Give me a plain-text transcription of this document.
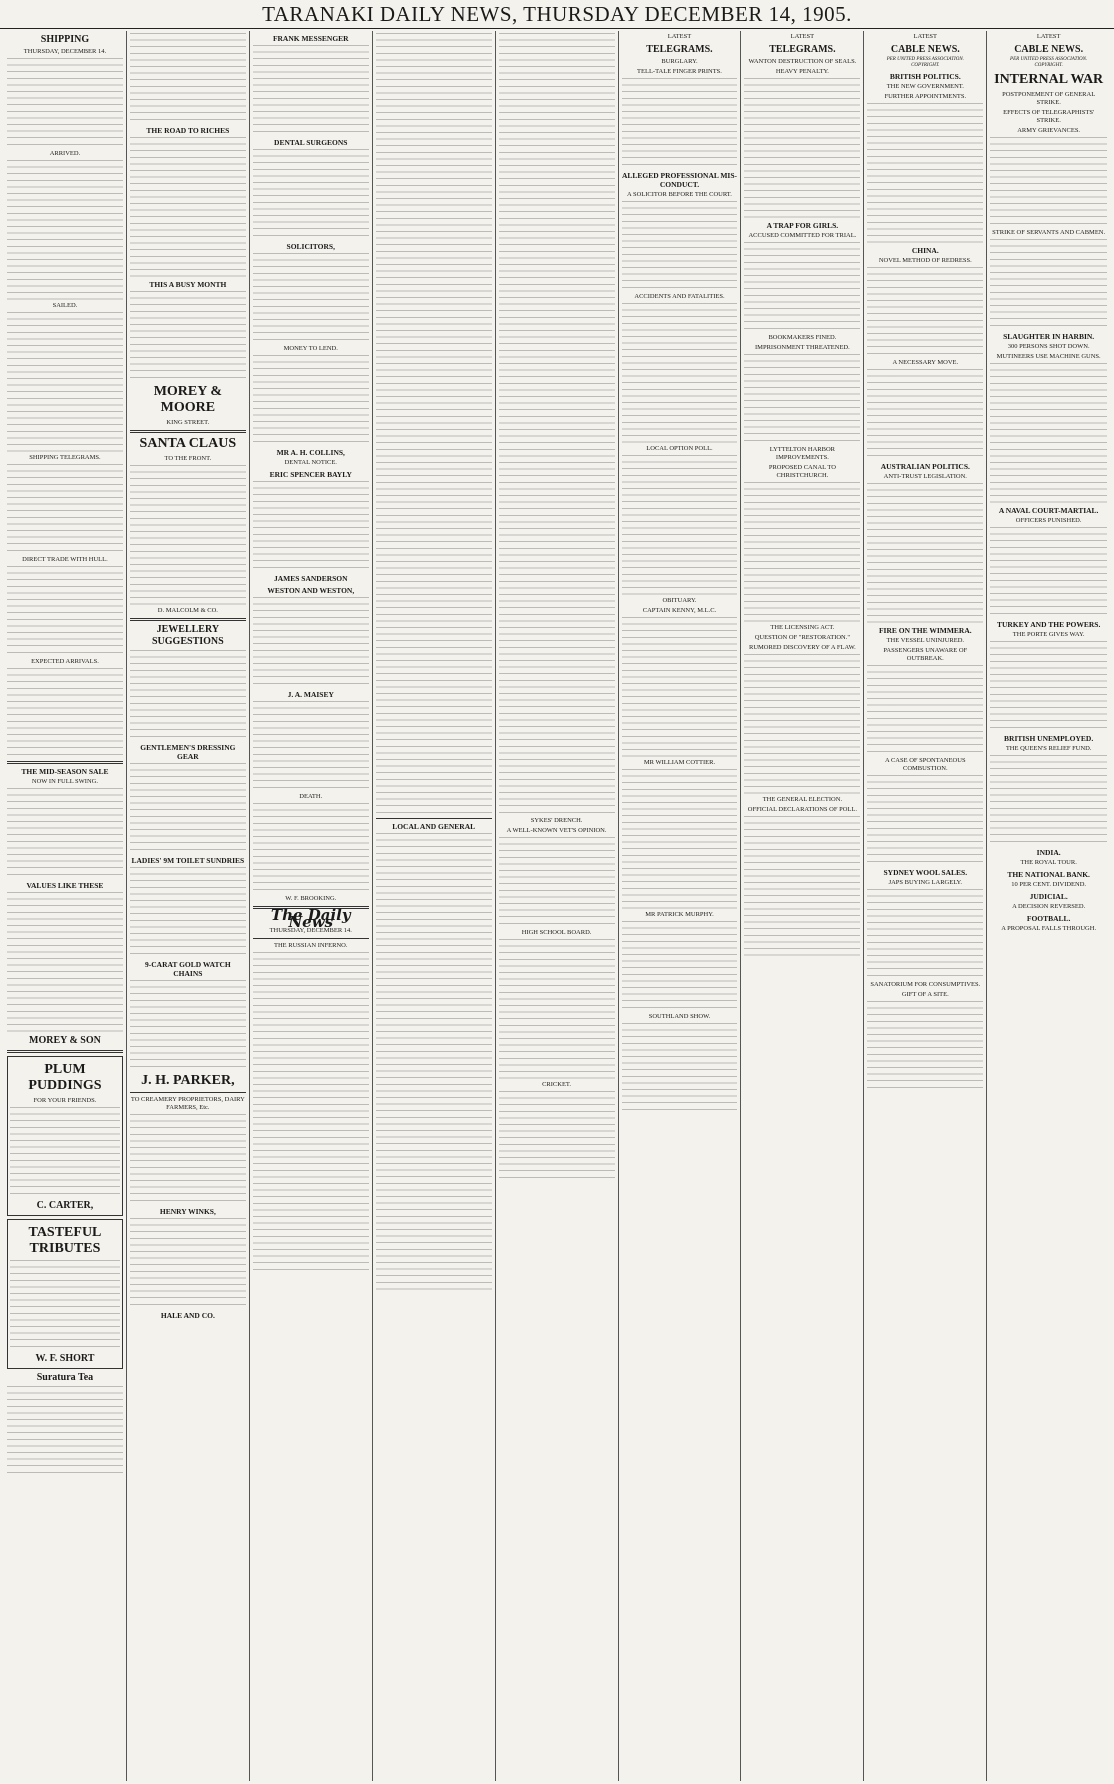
TARANAKI DAILY NEWS, THURSDAY DECEMBER 14, 1905.
SHIPPING
THURSDAY, DECEMBER 14.
ARRIVED.
SAILED.
SHIPPING TELEGRAMS.
DIRECT TRADE WITH HULL.
EXPECTED ARRIVALS.
THE MID-SEASON SALE
NOW IN FULL SWING.
VALUES LIKE THESE
MOREY & SON
PLUM PUDDINGS
FOR YOUR FRIENDS.
C. CARTER,
TASTEFUL TRIBUTES
W. F. SHORT
Suratura Tea
THE ROAD TO RICHES
THIS A BUSY MONTH
MOREY & MOORE
KING STREET.
SANTA CLAUS
TO THE FRONT.
D. MALCOLM & CO.
JEWELLERY SUGGESTIONS
GENTLEMEN'S DRESSING GEAR
LADIES' 9M TOILET SUNDRIES
9-CARAT GOLD WATCH CHAINS
J. H. PARKER,
TO CREAMERY PROPRIETORS, DAIRY FARMERS, Etc.
HENRY WINKS,
HALE AND CO.
FRANK MESSENGER
DENTAL SURGEONS
SOLICITORS,
MONEY TO LEND.
MR A. H. COLLINS,
DENTAL NOTICE.
ERIC SPENCER BAYLY
JAMES SANDERSON
WESTON AND WESTON,
J. A. MAISEY
DEATH.
W. F. BROOKING.
The Daily News
THURSDAY, DECEMBER 14.
THE RUSSIAN INFERNO.
LOCAL AND GENERAL
SYKES' DRENCH.
A WELL-KNOWN VET'S OPINION.
HIGH SCHOOL BOARD.
CRICKET.
LATEST
TELEGRAMS.
BURGLARY.
TELL-TALE FINGER PRINTS.
ALLEGED PROFESSIONAL MIS-CONDUCT.
A SOLICITOR BEFORE THE COURT.
ACCIDENTS AND FATALITIES.
LOCAL OPTION POLL.
OBITUARY.
CAPTAIN KENNY, M.L.C.
MR WILLIAM COTTIER.
MR PATRICK MURPHY.
SOUTHLAND SHOW.
LATEST
TELEGRAMS.
WANTON DESTRUCTION OF SEALS.
HEAVY PENALTY.
A TRAP FOR GIRLS.
ACCUSED COMMITTED FOR TRIAL.
BOOKMAKERS FINED.
IMPRISONMENT THREATENED.
LYTTELTON HARBOR IMPROVEMENTS.
PROPOSED CANAL TO CHRISTCHURCH.
THE LICENSING ACT.
QUESTION OF "RESTORATION."
RUMORED DISCOVERY OF A FLAW.
THE GENERAL ELECTION.
OFFICIAL DECLARATIONS OF POLL.
LATEST
CABLE NEWS.
PER UNITED PRESS ASSOCIATION.
COPYRIGHT.
BRITISH POLITICS.
THE NEW GOVERNMENT.
FURTHER APPOINTMENTS.
CHINA.
NOVEL METHOD OF REDRESS.
A NECESSARY MOVE.
AUSTRALIAN POLITICS.
ANTI-TRUST LEGISLATION.
FIRE ON THE WIMMERA.
THE VESSEL UNINJURED.
PASSENGERS UNAWARE OF OUTBREAK.
A CASE OF SPONTANEOUS COMBUSTION.
SYDNEY WOOL SALES.
JAPS BUYING LARGELY.
SANATORIUM FOR CONSUMPTIVES.
GIFT OF A SITE.
LATEST
CABLE NEWS.
PER UNITED PRESS ASSOCIATION.
COPYRIGHT.
INTERNAL WAR
POSTPONEMENT OF GENERAL STRIKE.
EFFECTS OF TELEGRAPHISTS' STRIKE.
ARMY GRIEVANCES.
STRIKE OF SERVANTS AND CABMEN.
SLAUGHTER IN HARBIN.
300 PERSONS SHOT DOWN.
MUTINEERS USE MACHINE GUNS.
A NAVAL COURT-MARTIAL.
OFFICERS PUNISHED.
TURKEY AND THE POWERS.
THE PORTE GIVES WAY.
BRITISH UNEMPLOYED.
THE QUEEN'S RELIEF FUND.
INDIA.
THE ROYAL TOUR.
THE NATIONAL BANK.
10 PER CENT. DIVIDEND.
JUDICIAL.
A DECISION REVERSED.
FOOTBALL.
A PROPOSAL FALLS THROUGH.
